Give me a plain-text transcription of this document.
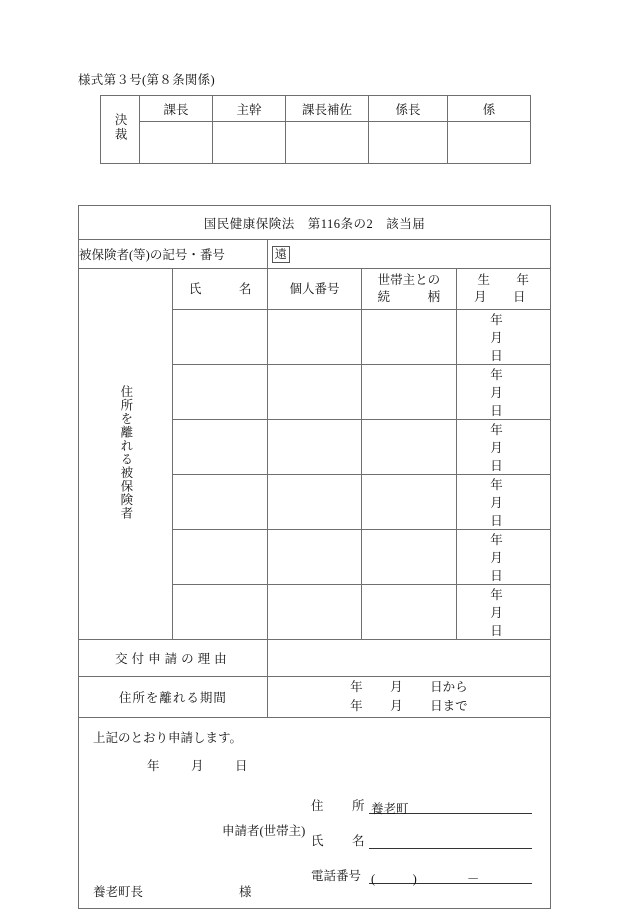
様式第３号(第８条関係)
決裁	課長	主幹	課長補佐	係長	係

国民健康保険法　第116条の2　該当届				
被保険者(等)の記号・番号		遠		
住所を離れる被保険者	氏　　　名	個人番号	世帯主との
続　　　柄	生　年　月　日
				年月日
				年月日
				年月日
				年月日
				年月日
				年月日
交付申請の理由				
住所を離れる期間		年 月 日から
年 月 日まで		

上記のとおり申請します。
年	月	日
申請者(世帯主)
住　所養老町
氏　名
電話番号 (　　　)　　　　－
養老町長	様
